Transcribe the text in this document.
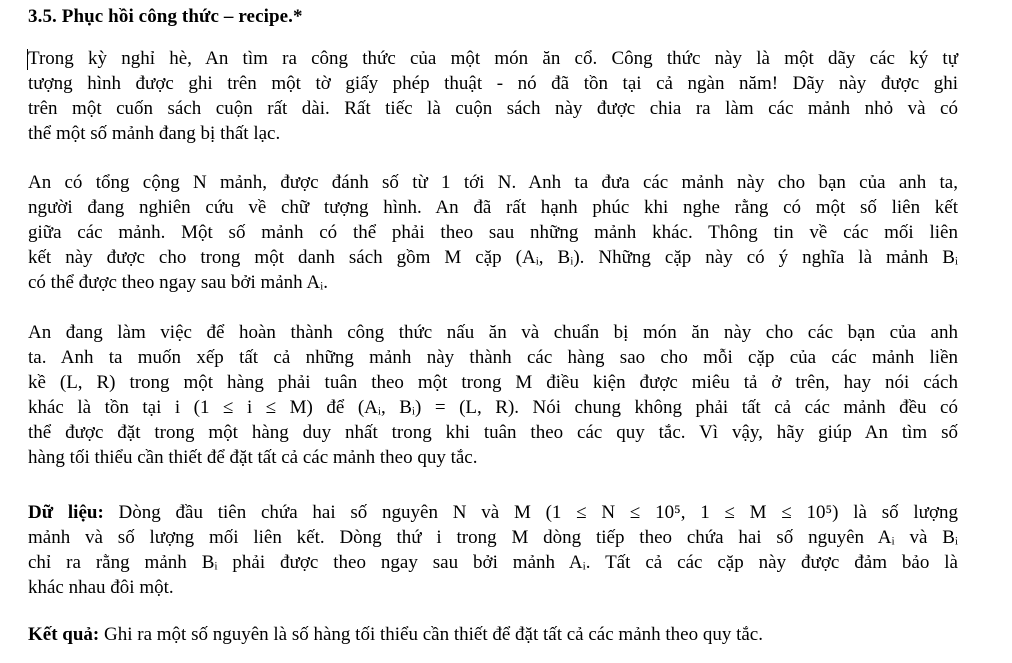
3.5. Phục hồi công thức – recipe.*
Trong kỳ nghỉ hè, An tìm ra công thức của một món ăn cổ. Công thức này là một dãy các ký tự
tượng hình được ghi trên một tờ giấy phép thuật - nó đã tồn tại cả ngàn năm! Dãy này được ghi
trên một cuốn sách cuộn rất dài. Rất tiếc là cuộn sách này được chia ra làm các mảnh nhỏ và có
thể một số mảnh đang bị thất lạc.
An có tổng cộng N mảnh, được đánh số từ 1 tới N. Anh ta đưa các mảnh này cho bạn của anh ta,
người đang nghiên cứu về chữ tượng hình. An đã rất hạnh phúc khi nghe rằng có một số liên kết
giữa các mảnh. Một số mảnh có thể phải theo sau những mảnh khác. Thông tin về các mối liên
kết này được cho trong một danh sách gồm M cặp (Aᵢ, Bᵢ). Những cặp này có ý nghĩa là mảnh Bᵢ
có thể được theo ngay sau bởi mảnh Aᵢ.
An đang làm việc để hoàn thành công thức nấu ăn và chuẩn bị món ăn này cho các bạn của anh
ta. Anh ta muốn xếp tất cả những mảnh này thành các hàng sao cho mỗi cặp của các mảnh liền
kề (L, R) trong một hàng phải tuân theo một trong M điều kiện được miêu tả ở trên, hay nói cách
khác là tồn tại i (1 ≤ i ≤ M) để (Aᵢ, Bᵢ) = (L, R). Nói chung không phải tất cả các mảnh đều có
thể được đặt trong một hàng duy nhất trong khi tuân theo các quy tắc. Vì vậy, hãy giúp An tìm số
hàng tối thiểu cần thiết để đặt tất cả các mảnh theo quy tắc.
Dữ liệu: Dòng đầu tiên chứa hai số nguyên N và M (1 ≤ N ≤ 10⁵, 1 ≤ M ≤ 10⁵) là số lượng
mảnh và số lượng mối liên kết. Dòng thứ i trong M dòng tiếp theo chứa hai số nguyên Aᵢ và Bᵢ
chỉ ra rằng mảnh Bᵢ phải được theo ngay sau bởi mảnh Aᵢ. Tất cả các cặp này được đảm bảo là
khác nhau đôi một.
Kết quả: Ghi ra một số nguyên là số hàng tối thiểu cần thiết để đặt tất cả các mảnh theo quy tắc.
